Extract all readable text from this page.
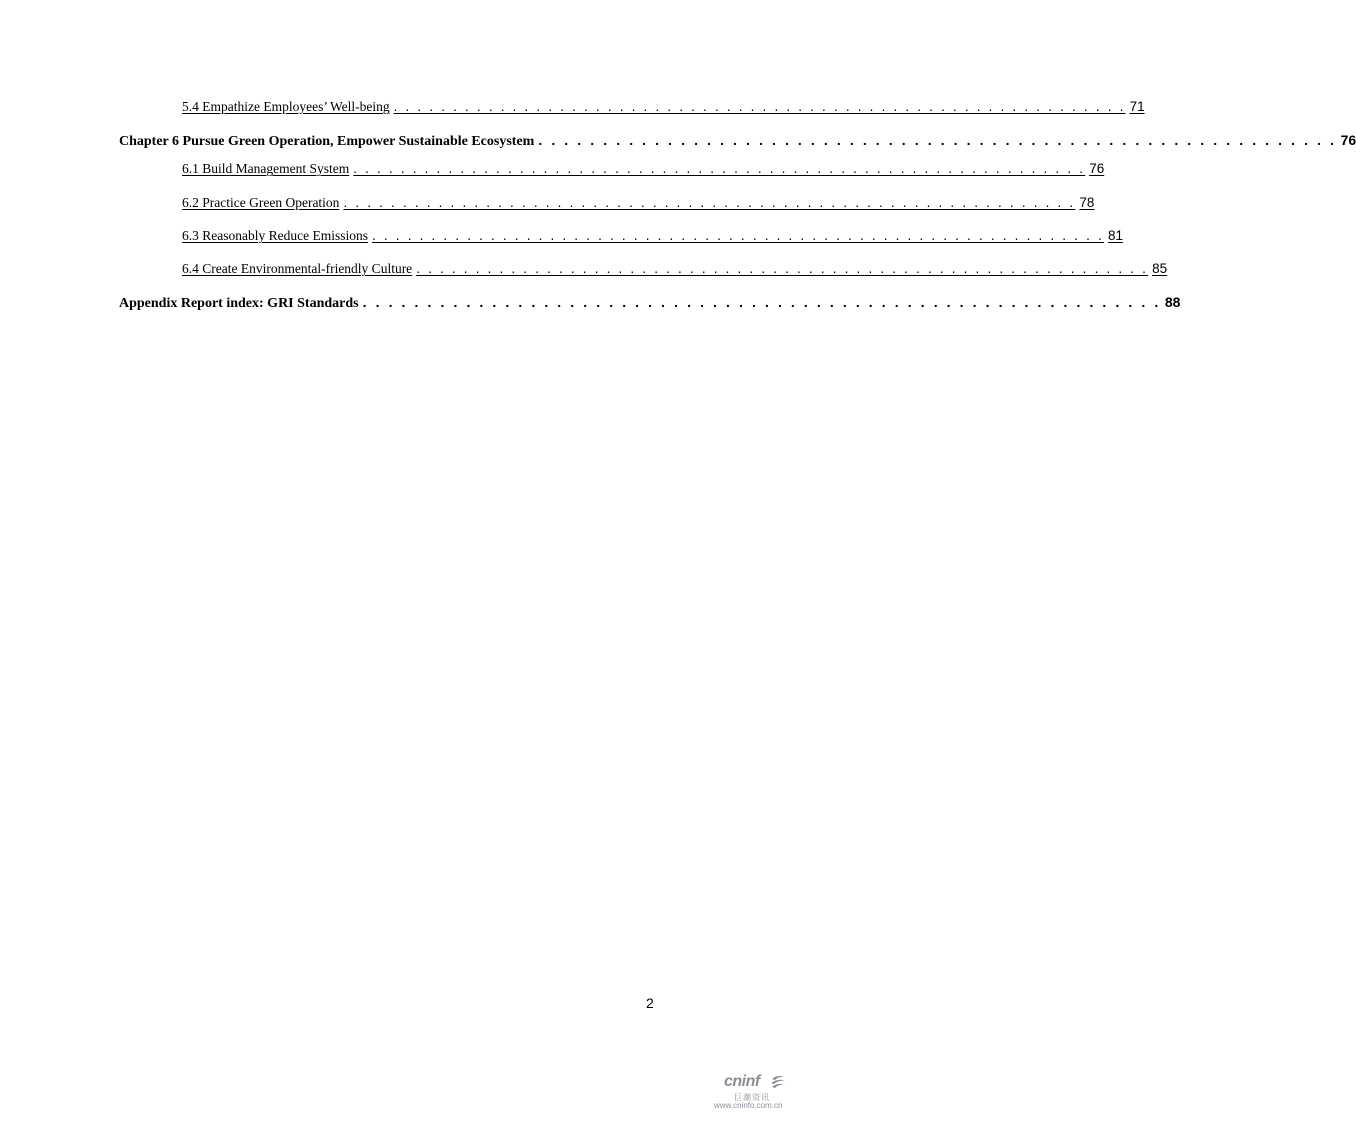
5.4 Empathize Employees’ Well-being . . . . . . . . . . . . . . . . . . . . . . . . . . . . . . . . . . . . . . . . . . . . . . . . . . . . . . . . . . . . . . 71
Chapter 6 Pursue Green Operation, Empower Sustainable Ecosystem . . . . . . . . . . . . . . . . . . . . . . . . . . . . . . . . . . . . . . . . . . . . . . . . . . . . . . . . . . . . . . 76
6.1 Build Management System . . . . . . . . . . . . . . . . . . . . . . . . . . . . . . . . . . . . . . . . . . . . . . . . . . . . . . . . . . . . . . 76
6.2 Practice Green Operation . . . . . . . . . . . . . . . . . . . . . . . . . . . . . . . . . . . . . . . . . . . . . . . . . . . . . . . . . . . . . . 78
6.3 Reasonably Reduce Emissions . . . . . . . . . . . . . . . . . . . . . . . . . . . . . . . . . . . . . . . . . . . . . . . . . . . . . . . . . . . . . . 81
6.4 Create Environmental-friendly Culture . . . . . . . . . . . . . . . . . . . . . . . . . . . . . . . . . . . . . . . . . . . . . . . . . . . . . . . . . . . . . . 85
Appendix Report index: GRI Standards . . . . . . . . . . . . . . . . . . . . . . . . . . . . . . . . . . . . . . . . . . . . . . . . . . . . . . . . . . . . . . 88
2
cninf
巨潮资讯
www.cninfo.com.cn
